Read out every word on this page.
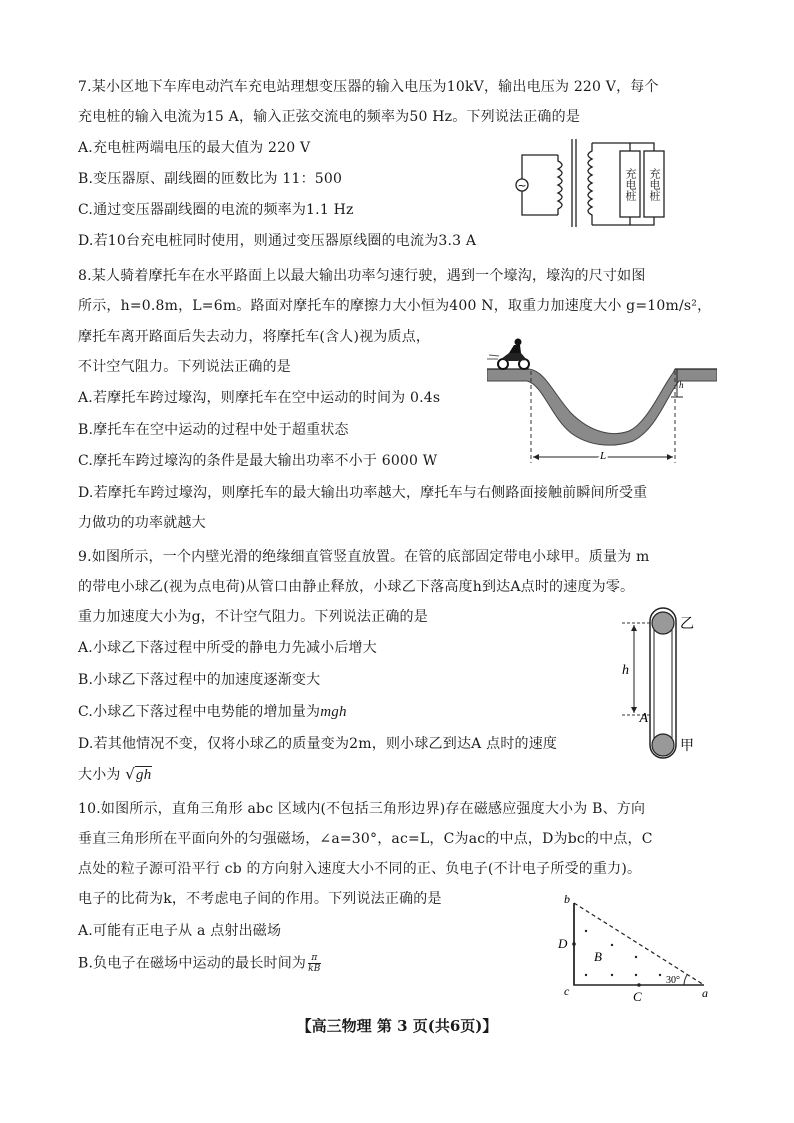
7.某小区地下车库电动汽车充电站理想变压器的输入电压为10kV，输出电压为 220 V，每个
充电桩的输入电流为15 A，输入正弦交流电的频率为50 Hz。下列说法正确的是
A.充电桩两端电压的最大值为 220 V
B.变压器原、副线圈的匝数比为 11：500
C.通过变压器副线圈的电流的频率为1.1 Hz
D.若10台充电桩同时使用，则通过变压器原线圈的电流为3.3 A
~	充电桩	充电桩
8.某人骑着摩托车在水平路面上以最大输出功率匀速行驶，遇到一个壕沟，壕沟的尺寸如图
所示，h=0.8m，L=6m。路面对摩托车的摩擦力大小恒为400 N，取重力加速度大小 g=10m/s²，
摩托车离开路面后失去动力，将摩托车(含人)视为质点，
不计空气阻力。下列说法正确的是
A.若摩托车跨过壕沟，则摩托车在空中运动的时间为 0.4s
B.摩托车在空中运动的过程中处于超重状态
C.摩托车跨过壕沟的条件是最大输出功率不小于 6000 W
D.若摩托车跨过壕沟，则摩托车的最大输出功率越大，摩托车与右侧路面接触前瞬间所受重
力做功的功率就越大
h
L
9.如图所示，一个内壁光滑的绝缘细直管竖直放置。在管的底部固定带电小球甲。质量为 m
的带电小球乙(视为点电荷)从管口由静止释放，小球乙下落高度h到达A点时的速度为零。
重力加速度大小为g，不计空气阻力。下列说法正确的是
A.小球乙下落过程中所受的静电力先减小后增大
B.小球乙下落过程中的加速度逐渐变大
C.小球乙下落过程中电势能的增加量为mgh
D.若其他情况不变，仅将小球乙的质量变为2m，则小球乙到达A 点时的速度
大小为 √gh
h
A
乙
甲
10.如图所示，直角三角形 abc 区域内(不包括三角形边界)存在磁感应强度大小为 B、方向
垂直三角形所在平面向外的匀强磁场，∠a=30°，ac=L，C为ac的中点，D为bc的中点，C
点处的粒子源可沿平行 cb 的方向射入速度大小不同的正、负电子(不计电子所受的重力)。
电子的比荷为k，不考虑电子间的作用。下列说法正确的是
A.可能有正电子从 a 点射出磁场
B.负电子在磁场中运动的最长时间为 $\frac{\pi}{kB}$
b
c	a
D
B
C
30°
【高三物理 第 3 页(共6页)】
